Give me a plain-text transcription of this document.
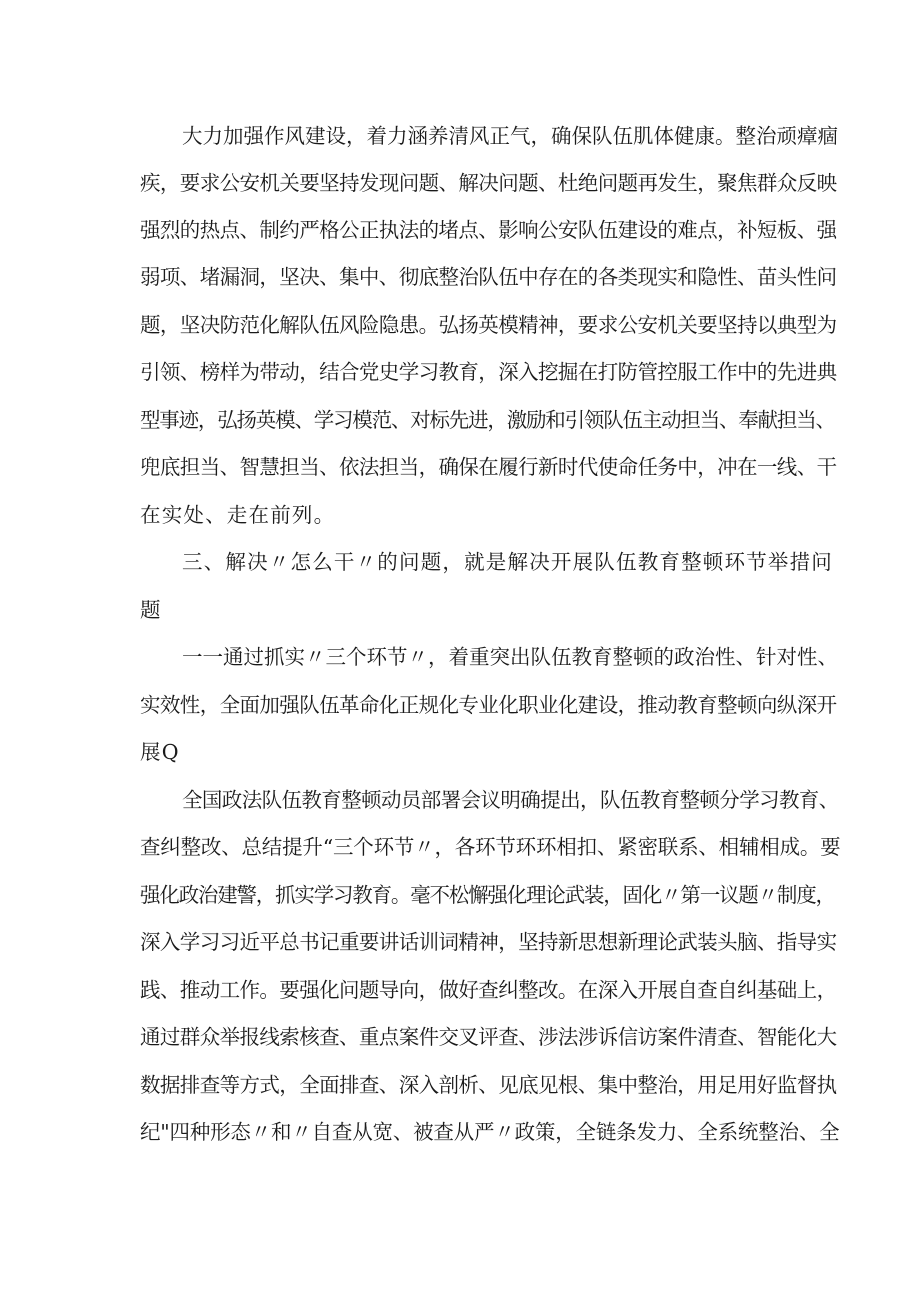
大力加强作风建设，着力涵养清风正气，确保队伍肌体健康。整治顽瘴痼
疾，要求公安机关要坚持发现问题、解决问题、杜绝问题再发生，聚焦群众反映
强烈的热点、制约严格公正执法的堵点、影响公安队伍建设的难点，补短板、强
弱项、堵漏洞，坚决、集中、彻底整治队伍中存在的各类现实和隐性、苗头性问
题，坚决防范化解队伍风险隐患。弘扬英模精神，要求公安机关要坚持以典型为
引领、榜样为带动，结合党史学习教育，深入挖掘在打防管控服工作中的先进典
型事迹，弘扬英模、学习模范、对标先进，激励和引领队伍主动担当、奉献担当、
兜底担当、智慧担当、依法担当，确保在履行新时代使命任务中，冲在一线、干
在实处、走在前列。
三、解决〃怎么干〃的问题，就是解决开展队伍教育整顿环节举措问
题
一一通过抓实〃三个环节〃，着重突出队伍教育整顿的政治性、针对性、
实效性，全面加强队伍革命化正规化专业化职业化建设，推动教育整顿向纵深开
展Q
全国政法队伍教育整顿动员部署会议明确提出，队伍教育整顿分学习教育、
查纠整改、总结提升“三个环节〃，各环节环环相扣、紧密联系、相辅相成。要
强化政治建警，抓实学习教育。毫不松懈强化理论武装，固化〃第一议题〃制度，
深入学习习近平总书记重要讲话训词精神，坚持新思想新理论武装头脑、指导实
践、推动工作。要强化问题导向，做好查纠整改。在深入开展自查自纠基础上，
通过群众举报线索核查、重点案件交叉评查、涉法涉诉信访案件清查、智能化大
数据排查等方式，全面排查、深入剖析、见底见根、集中整治，用足用好监督执
纪"四种形态〃和〃自查从宽、被查从严〃政策，全链条发力、全系统整治、全
